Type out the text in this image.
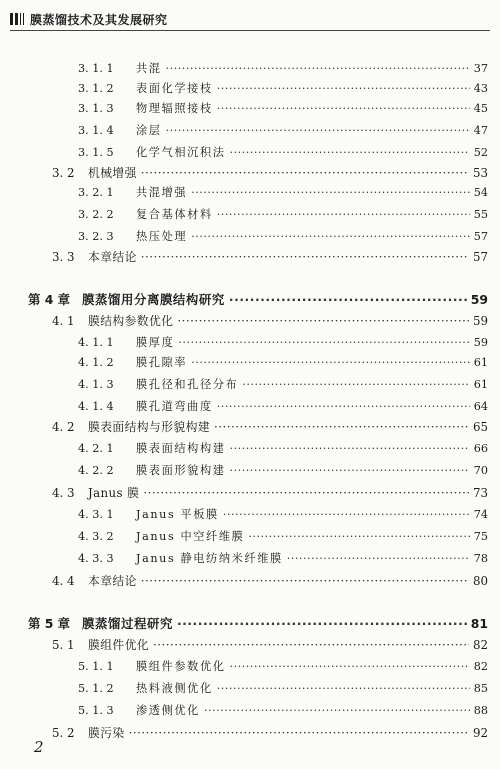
膜蒸馏技术及其发展研究
3. 1. 1	共混 ·····	37
3. 1. 2	表面化学接枝 ·····	43
3. 1. 3	物理辐照接枝 ·····	45
3. 1. 4	涂层 ·····	47
3. 1. 5	化学气相沉积法 ·····	52
3. 2	机械增强 ·····	53
3. 2. 1	共混增强 ·····	54
3. 2. 2	复合基体材料 ·····	55
3. 2. 3	热压处理 ·····	57
3. 3	本章结论 ·····	57
第 4 章 膜蒸馏用分离膜结构研究 ·····	59
4. 1	膜结构参数优化 ·····	59
4. 1. 1	膜厚度 ·····	59
4. 1. 2	膜孔隙率 ·····	61
4. 1. 3	膜孔径和孔径分布 ·····	61
4. 1. 4	膜孔道弯曲度 ·····	64
4. 2	膜表面结构与形貌构建 ·····	65
4. 2. 1	膜表面结构构建 ·····	66
4. 2. 2	膜表面形貌构建 ·····	70
4. 3	Janus 膜 ·····	73
4. 3. 1	Janus 平板膜 ·····	74
4. 3. 2	Janus 中空纤维膜 ·····	75
4. 3. 3	Janus 静电纺纳米纤维膜 ·····	78
4. 4	本章结论 ·····	80
第 5 章 膜蒸馏过程研究 ·····	81
5. 1	膜组件优化 ·····	82
5. 1. 1	膜组件参数优化 ·····	82
5. 1. 2	热料液侧优化 ·····	85
5. 1. 3	渗透侧优化 ·····	88
5. 2	膜污染 ·····	92
2
